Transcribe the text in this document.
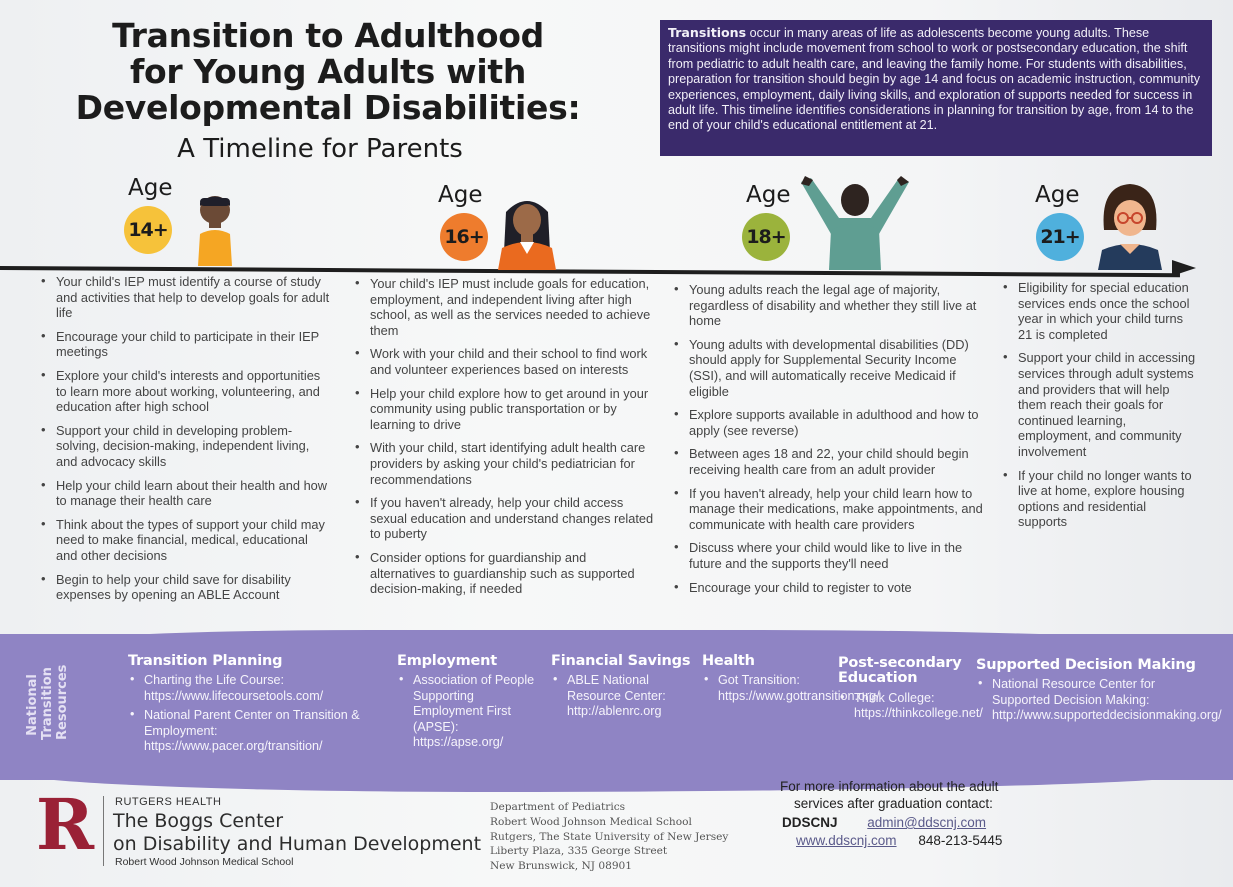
Transition to Adulthood
for Young Adults with
Developmental Disabilities:
A Timeline for Parents
Transitions occur in many areas of life as adolescents become young adults. These transitions might include movement from school to work or postsecondary education, the shift from pediatric to adult health care, and leaving the family home. For students with disabilities, preparation for transition should begin by age 14 and focus on academic instruction, community experiences, employment, daily living skills, and exploration of supports needed for success in adult life. This timeline identifies considerations in planning for transition by age, from 14 to the end of your child's educational entitlement at 21.
Age
14+
Age
16+
Age
18+
Age
21+
• Your child's IEP must identify a course of study and activities that help to develop goals for adult life
• Encourage your child to participate in their IEP meetings
• Explore your child's interests and opportunities to learn more about working, volunteering, and education after high school
• Support your child in developing problem-solving, decision-making, independent living, and advocacy skills
• Help your child learn about their health and how to manage their health care
• Think about the types of support your child may need to make financial, medical, educational and other decisions
• Begin to help your child save for disability expenses by opening an ABLE Account
• Your child's IEP must include goals for education, employment, and independent living after high school, as well as the services needed to achieve them
• Work with your child and their school to find work and volunteer experiences based on interests
• Help your child explore how to get around in your community using public transportation or by learning to drive
• With your child, start identifying adult health care providers by asking your child's pediatrician for recommendations
• If you haven't already, help your child access sexual education and understand changes related to puberty
• Consider options for guardianship and alternatives to guardianship such as supported decision-making, if needed
• Young adults reach the legal age of majority, regardless of disability and whether they still live at home
• Young adults with developmental disabilities (DD) should apply for Supplemental Security Income (SSI), and will automatically receive Medicaid if eligible
• Explore supports available in adulthood and how to apply (see reverse)
• Between ages 18 and 22, your child should begin receiving health care from an adult provider
• If you haven't already, help your child learn how to manage their medications, make appointments, and communicate with health care providers
• Discuss where your child would like to live in the future and the supports they'll need
• Encourage your child to register to vote
• Eligibility for special education services ends once the school year in which your child turns 21 is completed
• Support your child in accessing services through adult systems and providers that will help them reach their goals for continued learning, employment, and community involvement
• If your child no longer wants to live at home, explore housing options and residential supports
National Transition Resources
Transition Planning
• Charting the Life Course: https://www.lifecoursetools.com/
• National Parent Center on Transition & Employment: https://www.pacer.org/transition/
Employment
• Association of People Supporting Employment First (APSE): https://apse.org/
Financial Savings
• ABLE National Resource Center: http://ablenrc.org
Health
• Got Transition: https://www.gottransition.org/
Post-secondary Education
• Think College: https://thinkcollege.net/
Supported Decision Making
• National Resource Center for Supported Decision Making: http://www.supporteddecisionmaking.org/
R RUTGERS HEALTH
The Boggs Center
on Disability and Human Development
Robert Wood Johnson Medical School
Department of Pediatrics
Robert Wood Johnson Medical School
Rutgers, The State University of New Jersey
Liberty Plaza, 335 George Street
New Brunswick, NJ 08901
For more information about the adult
services after graduation contact:
DDSCNJ admin@ddscnj.com
www.ddscnj.com 848-213-5445
